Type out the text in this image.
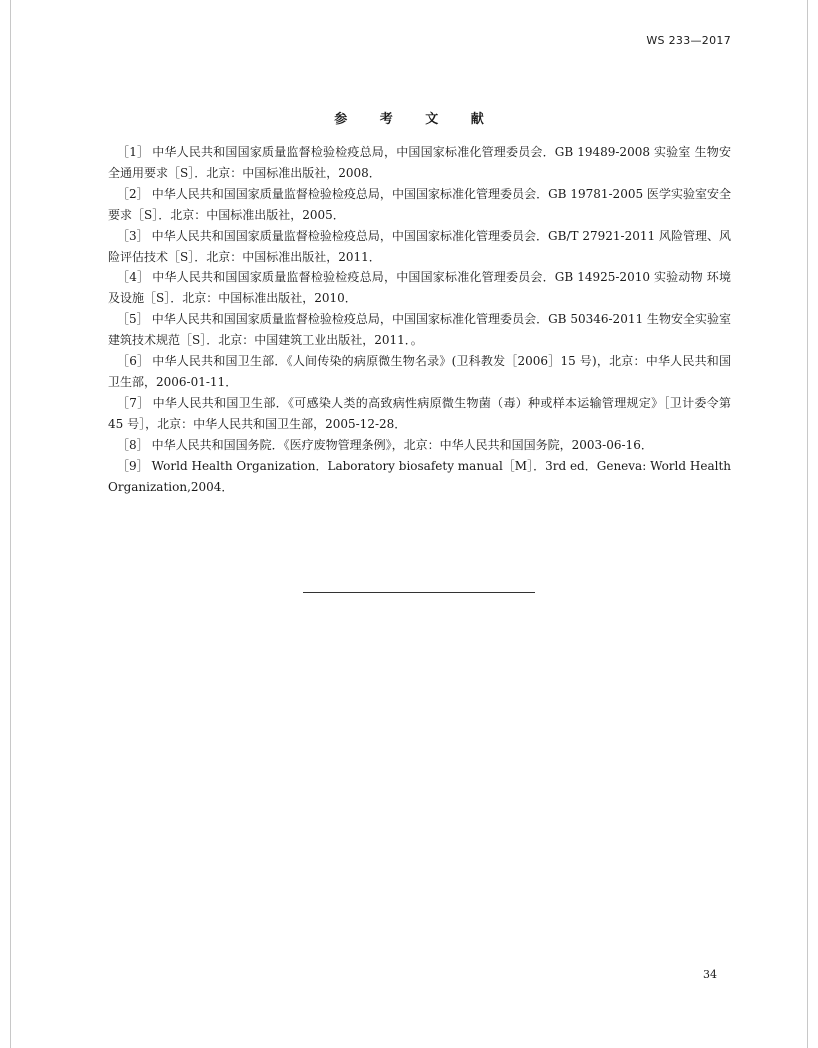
WS 233—2017
参 考 文 献

［1］ 中华人民共和国国家质量监督检验检疫总局，中国国家标准化管理委员会．GB 19489-2008 实验室 生物安全通用要求［S］．北京：中国标准出版社，2008．

［2］ 中华人民共和国国家质量监督检验检疫总局，中国国家标准化管理委员会．GB 19781-2005 医学实验室安全要求［S］．北京：中国标准出版社，2005．

［3］ 中华人民共和国国家质量监督检验检疫总局，中国国家标准化管理委员会．GB/T 27921-2011 风险管理、风险评估技术［S］．北京：中国标准出版社，2011．

［4］ 中华人民共和国国家质量监督检验检疫总局，中国国家标准化管理委员会．GB 14925-2010 实验动物 环境及设施［S］．北京：中国标准出版社，2010．

［5］ 中华人民共和国国家质量监督检验检疫总局，中国国家标准化管理委员会．GB 50346-2011 生物安全实验室建筑技术规范［S］．北京：中国建筑工业出版社，2011．。

［6］ 中华人民共和国卫生部．《人间传染的病原微生物名录》(卫科教发［2006］15 号)，北京：中华人民共和国卫生部，2006-01-11．

［7］ 中华人民共和国卫生部．《可感染人类的高致病性病原微生物菌（毒）种或样本运输管理规定》［卫计委令第 45 号］，北京：中华人民共和国卫生部，2005-12-28．

［8］ 中华人民共和国国务院．《医疗废物管理条例》，北京：中华人民共和国国务院，2003-06-16．

［9］ World Health Organization．Laboratory biosafety manual［M］．3rd ed．Geneva: World Health Organization,2004．

34
